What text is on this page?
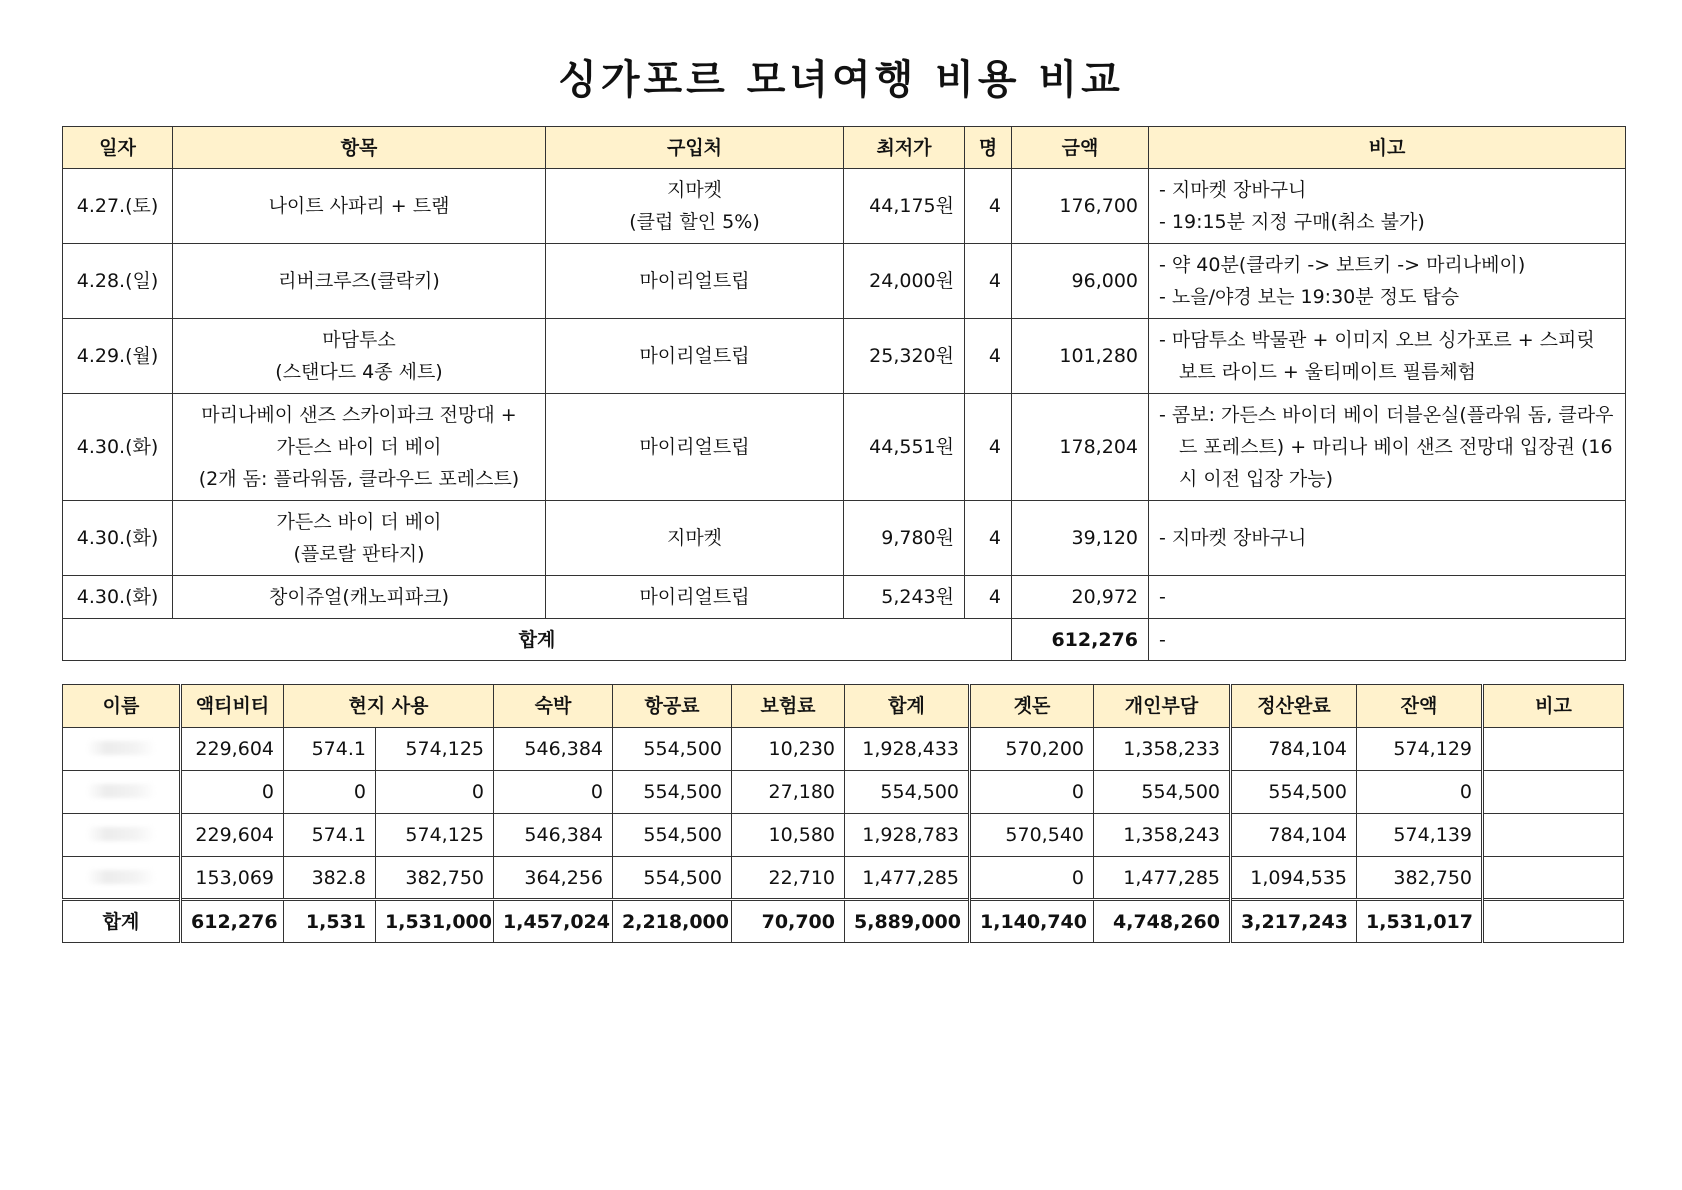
싱가포르 모녀여행 비용 비교
일자	항목	구입처	최저가	명	금액	비고
4.27.(토)	나이트 사파리 + 트램	지마켓
(클럽 할인 5%)	44,175원	4	176,700	- 지마켓 장바구니
- 19:15분 지정 구매(취소 불가)

4.28.(일)	리버크루즈(클락키)	마이리얼트립	24,000원	4	96,000	- 약 40분(클라키 -> 보트키 -> 마리나베이)
- 노을/야경 보는 19:30분 정도 탑승

4.29.(월)	마담투소
(스탠다드 4종 세트)	마이리얼트립	25,320원	4	101,280	- 마담투소 박물관 + 이미지 오브 싱가포르 + 스피릿 보트 라이드 + 울티메이트 필름체험

4.30.(화)	마리나베이 샌즈 스카이파크 전망대 +
가든스 바이 더 베이
(2개 돔: 플라워돔, 클라우드 포레스트)	마이리얼트립	44,551원	4	178,204	- 콤보: 가든스 바이더 베이 더블온실(플라워 돔, 클라우드 포레스트) + 마리나 베이 샌즈 전망대 입장권 (16시 이전 입장 가능)

4.30.(화)	가든스 바이 더 베이
(플로랄 판타지)	지마켓	9,780원	4	39,120	- 지마켓 장바구니

4.30.(화)	창이쥬얼(캐노피파크)	마이리얼트립	5,243원	4	20,972	-

합계					612,276	-
이름	액티비티	현지 사용		숙박	항공료	보험료	합계	곗돈	개인부담	정산완료	잔액	비고
	229,604	574.1	574,125	546,384	554,500	10,230	1,928,433	570,200	1,358,233	784,104	574,129	
	0	0	0	0	554,500	27,180	554,500	0	554,500	554,500	0	
	229,604	574.1	574,125	546,384	554,500	10,580	1,928,783	570,540	1,358,243	784,104	574,139	
	153,069	382.8	382,750	364,256	554,500	22,710	1,477,285	0	1,477,285	1,094,535	382,750	
합계	612,276	1,531	1,531,000	1,457,024	2,218,000	70,700	5,889,000	1,140,740	4,748,260	3,217,243	1,531,017	
